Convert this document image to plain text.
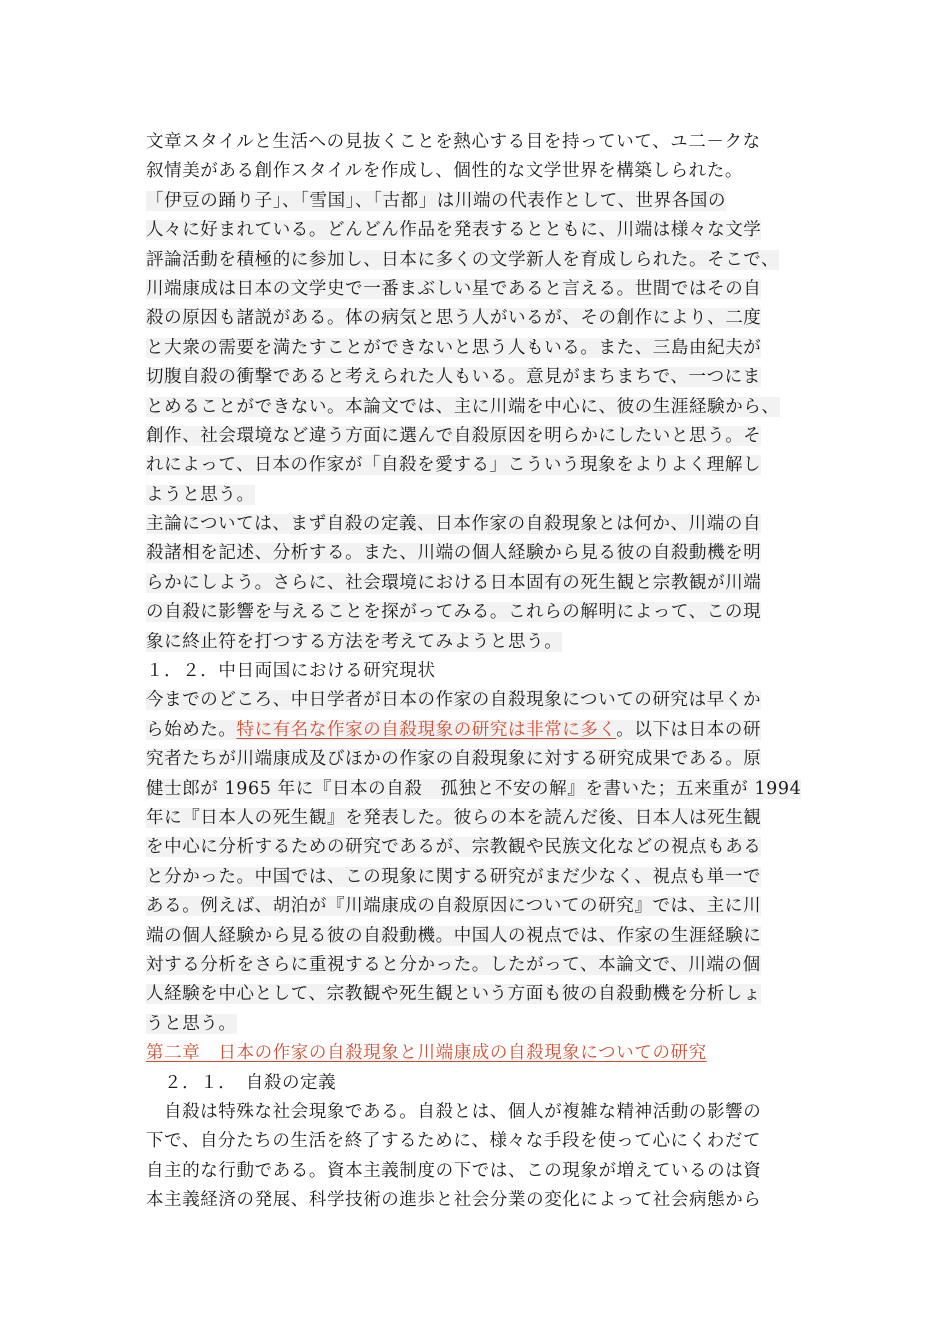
文章スタイルと生活への見抜くことを熱心する目を持っていて、ユ二－クな
叙情美がある創作スタイルを作成し、個性的な文学世界を構築しられた。
「伊豆の踊り子」、「雪国」、「古都」は川端の代表作として、世界各国の
人々に好まれている。どんどん作品を発表するとともに、川端は様々な文学
評論活動を積極的に参加し、日本に多くの文学新人を育成しられた。そこで、
川端康成は日本の文学史で一番まぶしい星であると言える。世間ではその自
殺の原因も諸説がある。体の病気と思う人がいるが、その創作により、二度
と大衆の需要を満たすことができないと思う人もいる。また、三島由紀夫が
切腹自殺の衝撃であると考えられた人もいる。意見がまちまちで、一つにま
とめることができない。本論文では、主に川端を中心に、彼の生涯経験から、
創作、社会環境など違う方面に選んで自殺原因を明らかにしたいと思う。そ
れによって、日本の作家が「自殺を愛する」こういう現象をよりよく理解し
ようと思う。
主論については、まず自殺の定義、日本作家の自殺現象とは何か、川端の自
殺諸相を記述、分析する。また、川端の個人経験から見る彼の自殺動機を明
らかにしよう。さらに、社会環境における日本固有の死生観と宗教観が川端
の自殺に影響を与えることを探がってみる。これらの解明によって、この現
象に終止符を打つする方法を考えてみようと思う。
１．２．中日両国における研究現状
今までのどころ、中日学者が日本の作家の自殺現象についての研究は早くか
ら始めた。特に有名な作家の自殺現象の研究は非常に多く。以下は日本の研
究者たちが川端康成及びほかの作家の自殺現象に対する研究成果である。原
健士郎が 1965 年に『日本の自殺　孤独と不安の解』を書いた；五来重が 1994
年に『日本人の死生観』を発表した。彼らの本を読んだ後、日本人は死生観
を中心に分析するための研究であるが、宗教観や民族文化などの視点もある
と分かった。中国では、この現象に関する研究がまだ少なく、視点も単一で
ある。例えば、胡泊が『川端康成の自殺原因についての研究』では、主に川
端の個人経験から見る彼の自殺動機。中国人の視点では、作家の生涯経験に
対する分析をさらに重視すると分かった。したがって、本論文で、川端の個
人経験を中心として、宗教観や死生観という方面も彼の自殺動機を分析しょ
うと思う。
第二章　日本の作家の自殺現象と川端康成の自殺現象についての研究
２．１．　自殺の定義
自殺は特殊な社会現象である。自殺とは、個人が複雑な精神活動の影響の
下で、自分たちの生活を終了するために、様々な手段を使って心にくわだて
自主的な行動である。資本主義制度の下では、この現象が増えているのは資
本主義経済の発展、科学技術の進歩と社会分業の変化によって社会病態から
